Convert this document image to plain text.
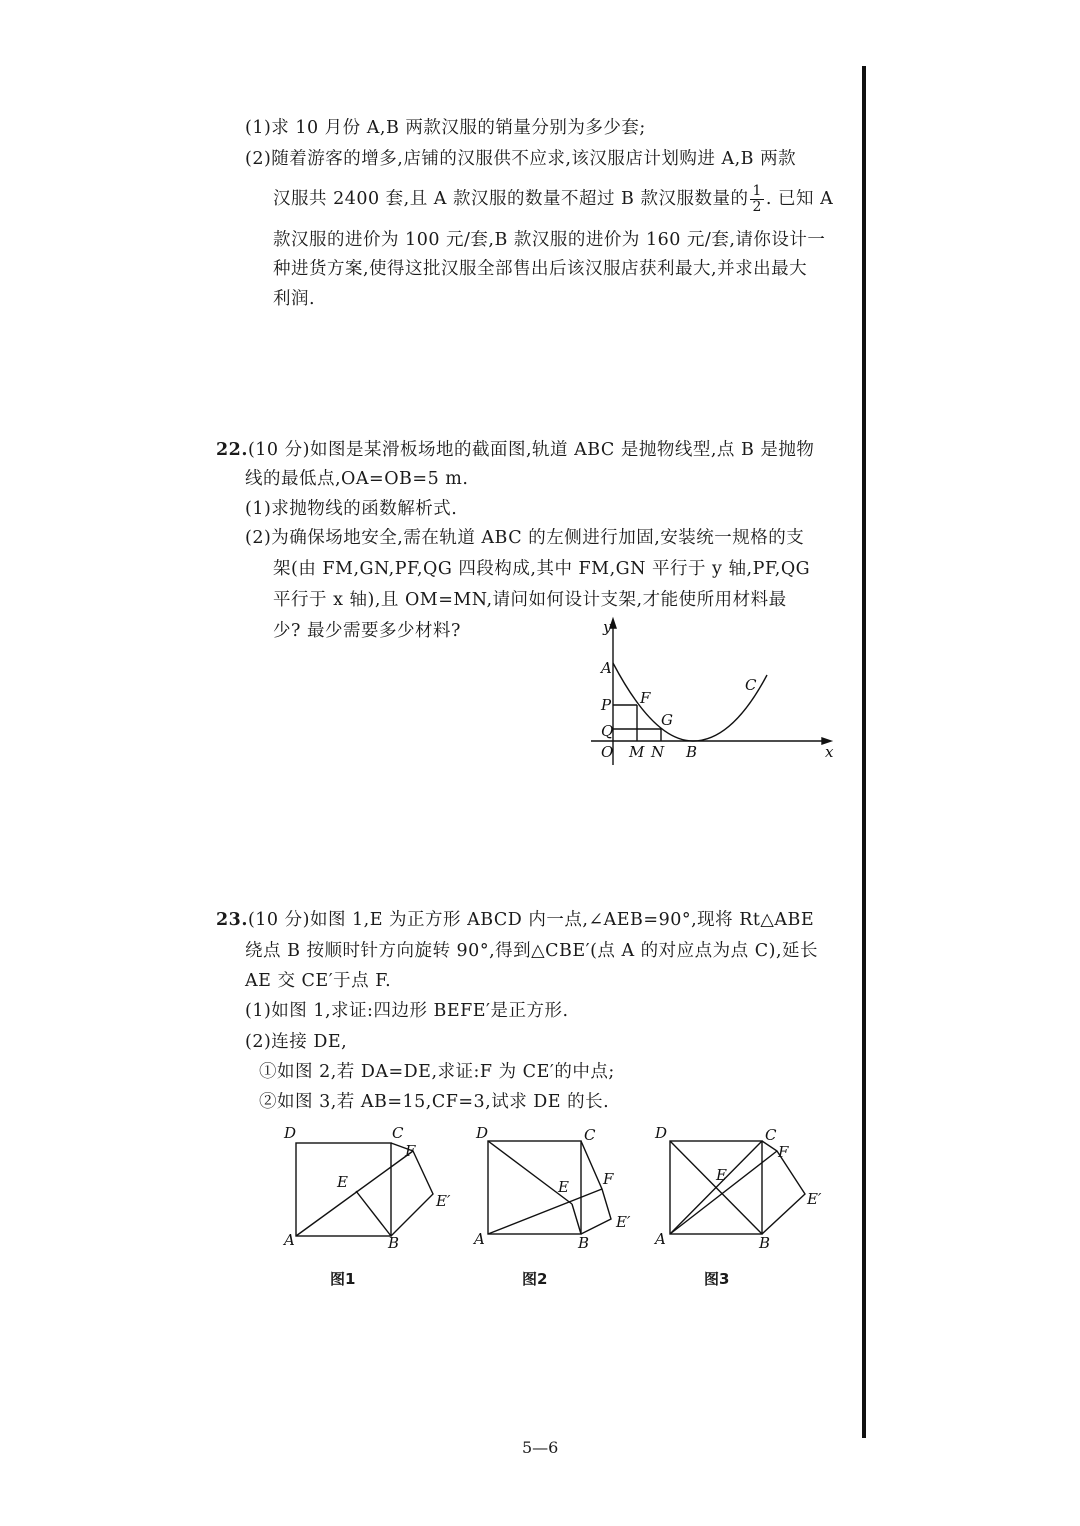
(1)求 10 月份 A,B 两款汉服的销量分别为多少套;
(2)随着游客的增多,店铺的汉服供不应求,该汉服店计划购进 A,B 两款
汉服共 2400 套,且 A 款汉服的数量不超过 B 款汉服数量的 $\frac{1}{2}$ . 已知 A
款汉服的进价为 100 元/套,B 款汉服的进价为 160 元/套,请你设计一
种进货方案,使得这批汉服全部售出后该汉服店获利最大,并求出最大
利润.
22.(10 分)如图是某滑板场地的截面图,轨道 ABC 是抛物线型,点 B 是抛物
线的最低点,OA=OB=5 m.
(1)求抛物线的函数解析式.
(2)为确保场地安全,需在轨道 ABC 的左侧进行加固,安装统一规格的支
架(由 FM,GN,PF,QG 四段构成,其中 FM,GN 平行于 y 轴,PF,QG
平行于 x 轴),且 OM=MN,请问如何设计支架,才能使所用材料最
少? 最少需要多少材料?	y
x
A
C
P F
Q
G
O M N B
23.(10 分)如图 1,E 为正方形 ABCD 内一点,∠AEB=90°,现将 Rt△ABE
绕点 B 按顺时针方向旋转 90°,得到△CBE′(点 A 的对应点为点 C),延长
AE 交 CE′于点 F.
(1)如图 1,求证:四边形 BEFE′是正方形.
(2)连接 DE,
①如图 2,若 DA=DE,求证:F 为 CE′的中点;
②如图 3,若 AB=15,CF=3,试求 DE 的长.
D	C
F
E
E′
A	B
图1
D	C
F
E
E′
A	B
图2
D	C
F
E
E′
A	B
图3
5—6
